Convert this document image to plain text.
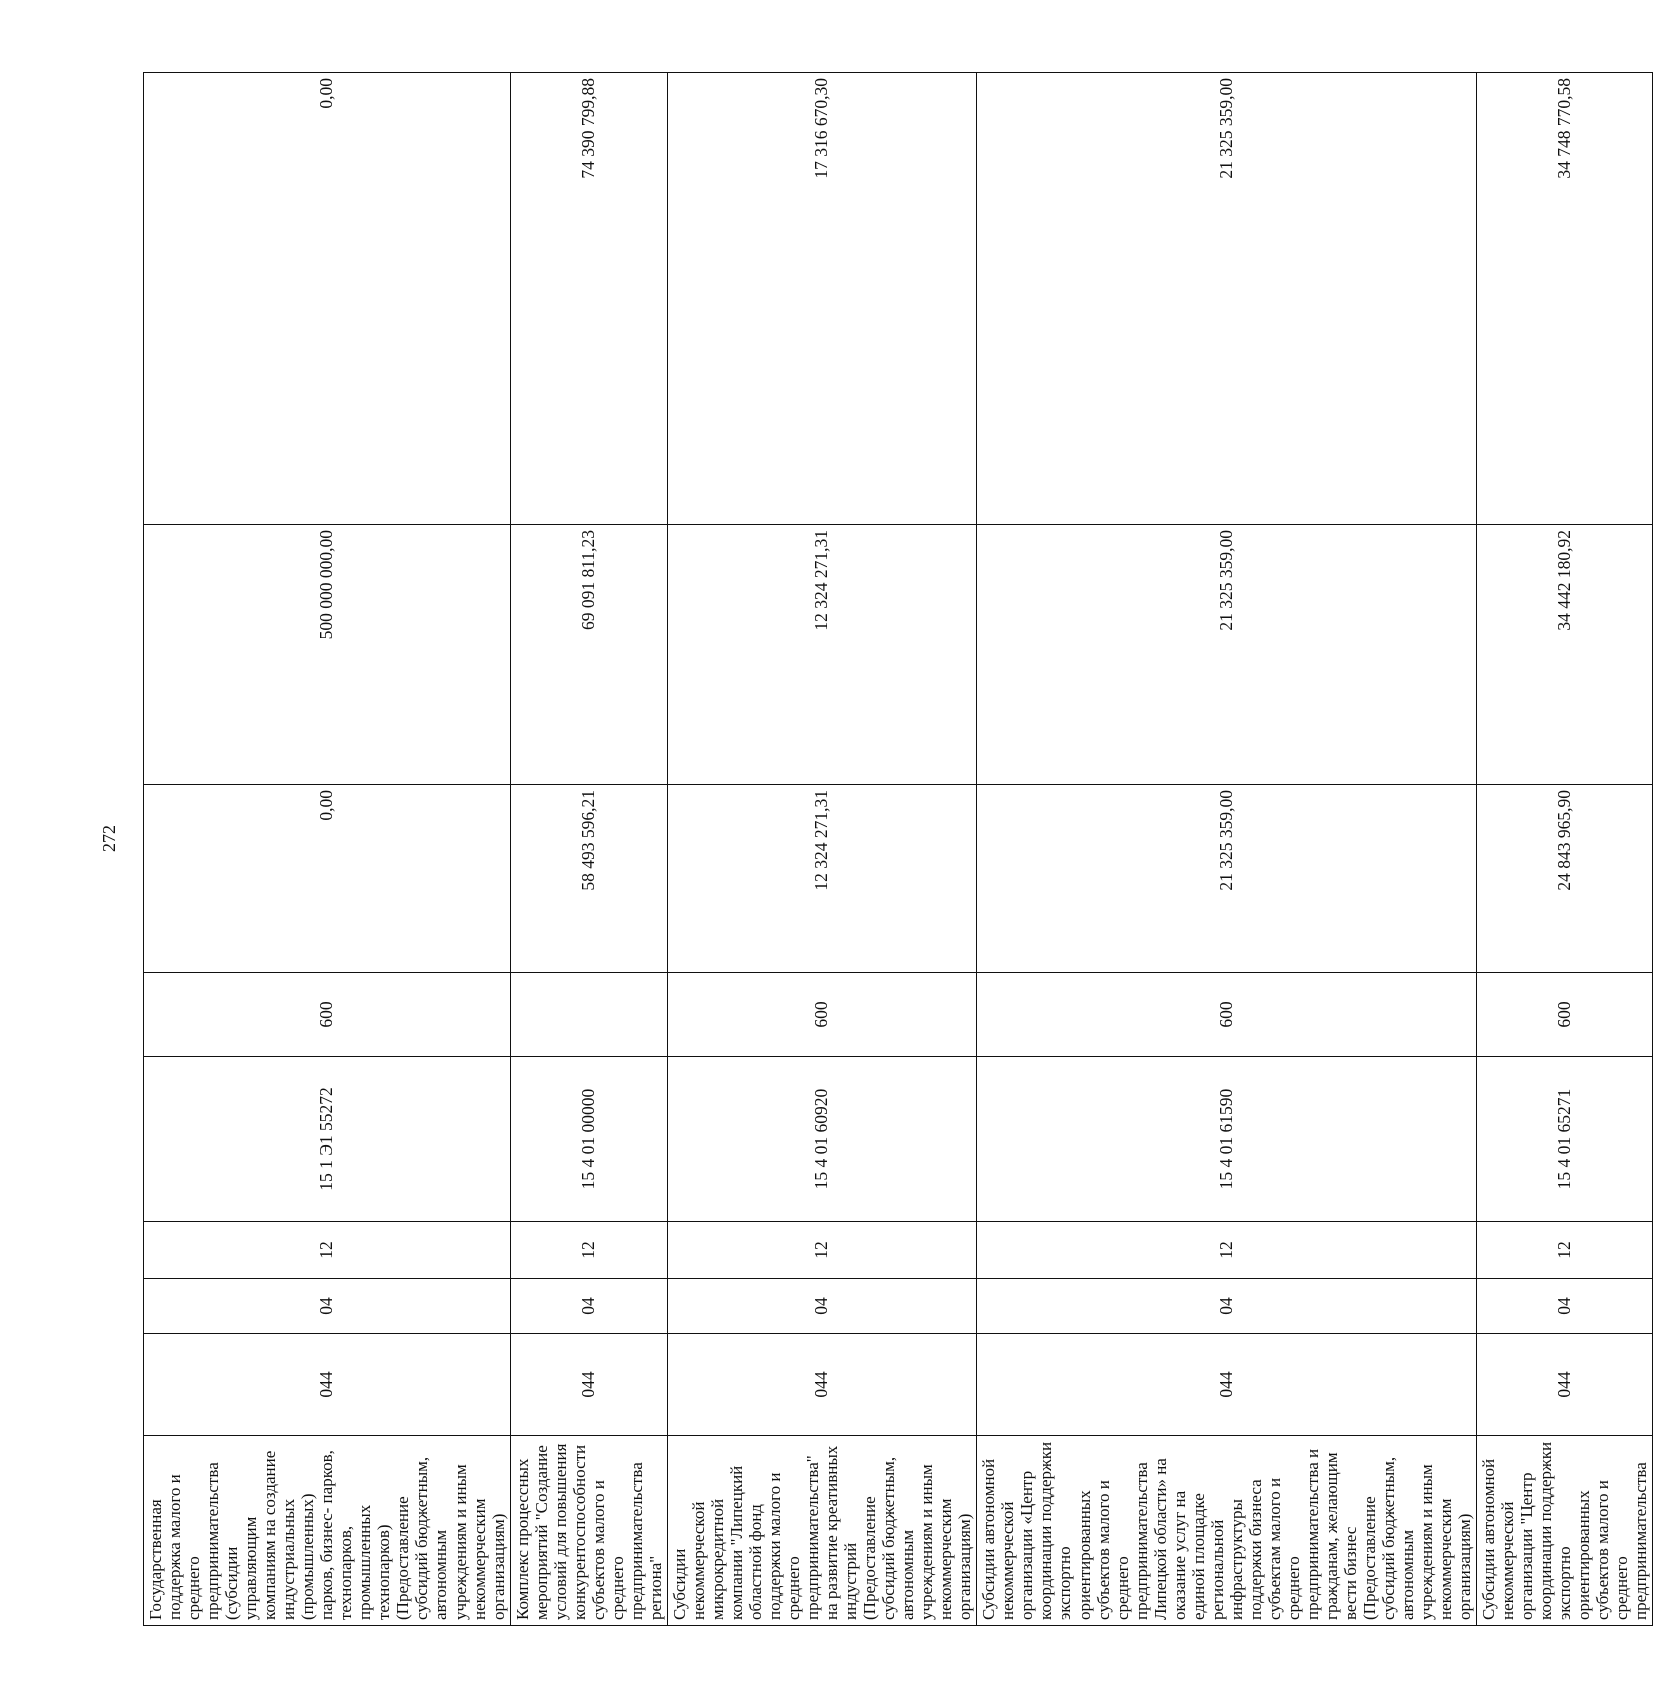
272
Государственная поддержка малого и среднего предпринимательства (субсидии управляющим компаниям на создание индустриальных (промышленных) парков, бизнес- парков, технопарков, промышленных технопарков) (Предоставление субсидий бюджетным, автономным учреждениям и иным некоммерческим организациям)	044	04	12	15 1 Э1 55272	600	0,00	500 000 000,00	0,00
Комплекс процессных мероприятий "Создание условий для повышения конкурентоспособности субъектов малого и среднего предпринимательства региона"	044	04	12	15 4 01 00000		58 493 596,21	69 091 811,23	74 390 799,88
Субсидии некоммерческой микрокредитной компании "Липецкий областной фонд поддержки малого и среднего предпринимательства" на развитие креативных индустрий (Предоставление субсидий бюджетным, автономным учреждениям и иным некоммерческим организациям)	044	04	12	15 4 01 60920	600	12 324 271,31	12 324 271,31	17 316 670,30
Субсидии автономной некоммерческой организации «Центр координации поддержки экспортно ориентированных субъектов малого и среднего предпринимательства Липецкой области» на оказание услуг на единой площадке региональной инфраструктуры поддержки бизнеса субъектам малого и среднего предпринимательства и гражданам, желающим вести бизнес (Предоставление субсидий бюджетным, автономным учреждениям и иным некоммерческим организациям)	044	04	12	15 4 01 61590	600	21 325 359,00	21 325 359,00	21 325 359,00
Субсидии автономной некоммерческой организации "Центр координации поддержки экспортно ориентированных субъектов малого и среднего предпринимательства	044	04	12	15 4 01 65271	600	24 843 965,90	34 442 180,92	34 748 770,58
